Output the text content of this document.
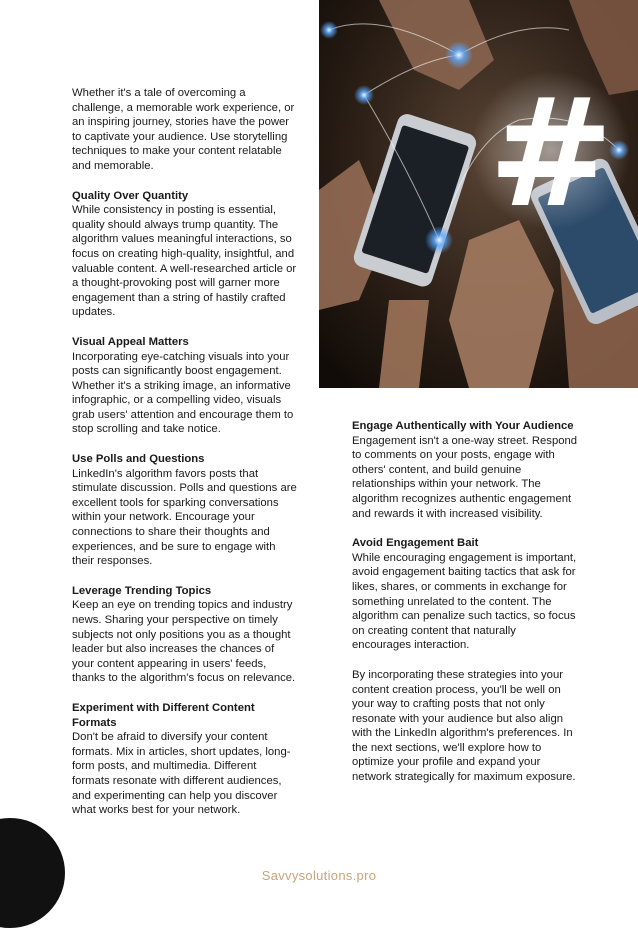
#

Whether it's a tale of overcoming a challenge, a memorable work experience, or an inspiring journey, stories have the power to captivate your audience. Use storytelling techniques to make your content relatable and memorable.

Quality Over Quantity

While consistency in posting is essential, quality should always trump quantity. The algorithm values meaningful interactions, so focus on creating high-quality, insightful, and valuable content. A well-researched article or a thought-provoking post will garner more engagement than a string of hastily crafted updates.

Visual Appeal Matters

Incorporating eye-catching visuals into your posts can significantly boost engagement. Whether it's a striking image, an informative infographic, or a compelling video, visuals grab users' attention and encourage them to stop scrolling and take notice.

Use Polls and Questions

LinkedIn's algorithm favors posts that stimulate discussion. Polls and questions are excellent tools for sparking conversations within your network. Encourage your connections to share their thoughts and experiences, and be sure to engage with their responses.

Leverage Trending Topics

Keep an eye on trending topics and industry news. Sharing your perspective on timely subjects not only positions you as a thought leader but also increases the chances of your content appearing in users' feeds, thanks to the algorithm's focus on relevance.

Experiment with Different Content Formats

Don't be afraid to diversify your content formats. Mix in articles, short updates, long-form posts, and multimedia. Different formats resonate with different audiences, and experimenting can help you discover what works best for your network.

Engage Authentically with Your Audience

Engagement isn't a one-way street. Respond to comments on your posts, engage with others' content, and build genuine relationships within your network. The algorithm recognizes authentic engagement and rewards it with increased visibility.

Avoid Engagement Bait

While encouraging engagement is important, avoid engagement baiting tactics that ask for likes, shares, or comments in exchange for something unrelated to the content. The algorithm can penalize such tactics, so focus on creating content that naturally encourages interaction.

By incorporating these strategies into your content creation process, you'll be well on your way to crafting posts that not only resonate with your audience but also align with the LinkedIn algorithm's preferences. In the next sections, we'll explore how to optimize your profile and expand your network strategically for maximum exposure.

Savvysolutions.pro
